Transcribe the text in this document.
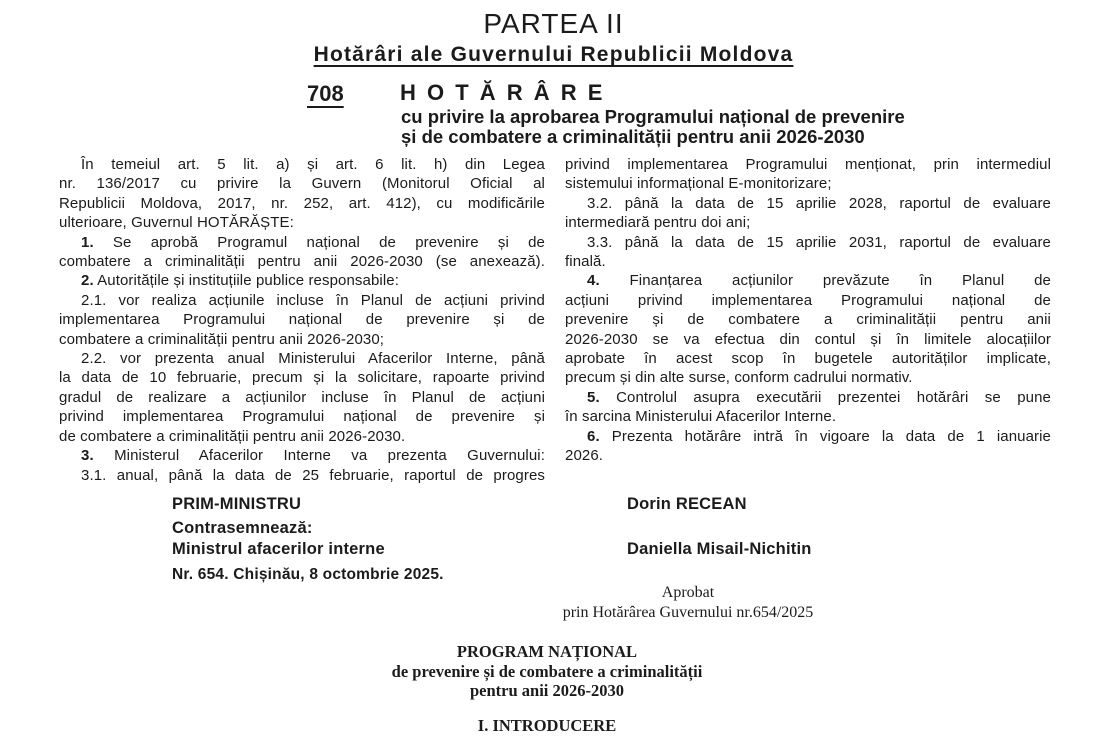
PARTEA II
Hotărâri ale Guvernului Republicii Moldova
708	H O T Ă R Â R E
cu privire la aprobarea Programului național de prevenire
și de combatere a criminalității pentru anii 2026-2030
În temeiul art. 5 lit. a) și art. 6 lit. h) din Legea
nr. 136/2017 cu privire la Guvern (Monitorul Oficial al
Republicii Moldova, 2017, nr. 252, art. 412), cu modificările
ulterioare, Guvernul HOTĂRĂȘTE:
1. Se aprobă Programul național de prevenire și de
combatere a criminalității pentru anii 2026-2030 (se anexează).
2. Autoritățile și instituțiile publice responsabile:
2.1. vor realiza acțiunile incluse în Planul de acțiuni privind
implementarea Programului național de prevenire și de
combatere a criminalității pentru anii 2026-2030;
2.2. vor prezenta anual Ministerului Afacerilor Interne, până
la data de 10 februarie, precum și la solicitare, rapoarte privind
gradul de realizare a acțiunilor incluse în Planul de acțiuni
privind implementarea Programului național de prevenire și
de combatere a criminalității pentru anii 2026-2030.
3. Ministerul Afacerilor Interne va prezenta Guvernului:
3.1. anual, până la data de 25 februarie, raportul de progres
privind implementarea Programului menționat, prin intermediul
sistemului informațional E-monitorizare;
3.2. până la data de 15 aprilie 2028, raportul de evaluare
intermediară pentru doi ani;
3.3. până la data de 15 aprilie 2031, raportul de evaluare
finală.
4. Finanțarea acțiunilor prevăzute în Planul de
acțiuni privind implementarea Programului național de
prevenire și de combatere a criminalității pentru anii
2026-2030 se va efectua din contul și în limitele alocațiilor
aprobate în acest scop în bugetele autorităților implicate,
precum și din alte surse, conform cadrului normativ.
5. Controlul asupra executării prezentei hotărâri se pune
în sarcina Ministerului Afacerilor Interne.
6. Prezenta hotărâre intră în vigoare la data de 1 ianuarie
2026.
PRIM-MINISTRU	Dorin RECEAN
Contrasemnează:
Ministrul afacerilor interne	Daniella Misail-Nichitin
Nr. 654. Chișinău, 8 octombrie 2025.
Aprobat
prin Hotărârea Guvernului nr.654/2025
PROGRAM NAȚIONAL
de prevenire și de combatere a criminalității
pentru anii 2026-2030
I. INTRODUCERE
